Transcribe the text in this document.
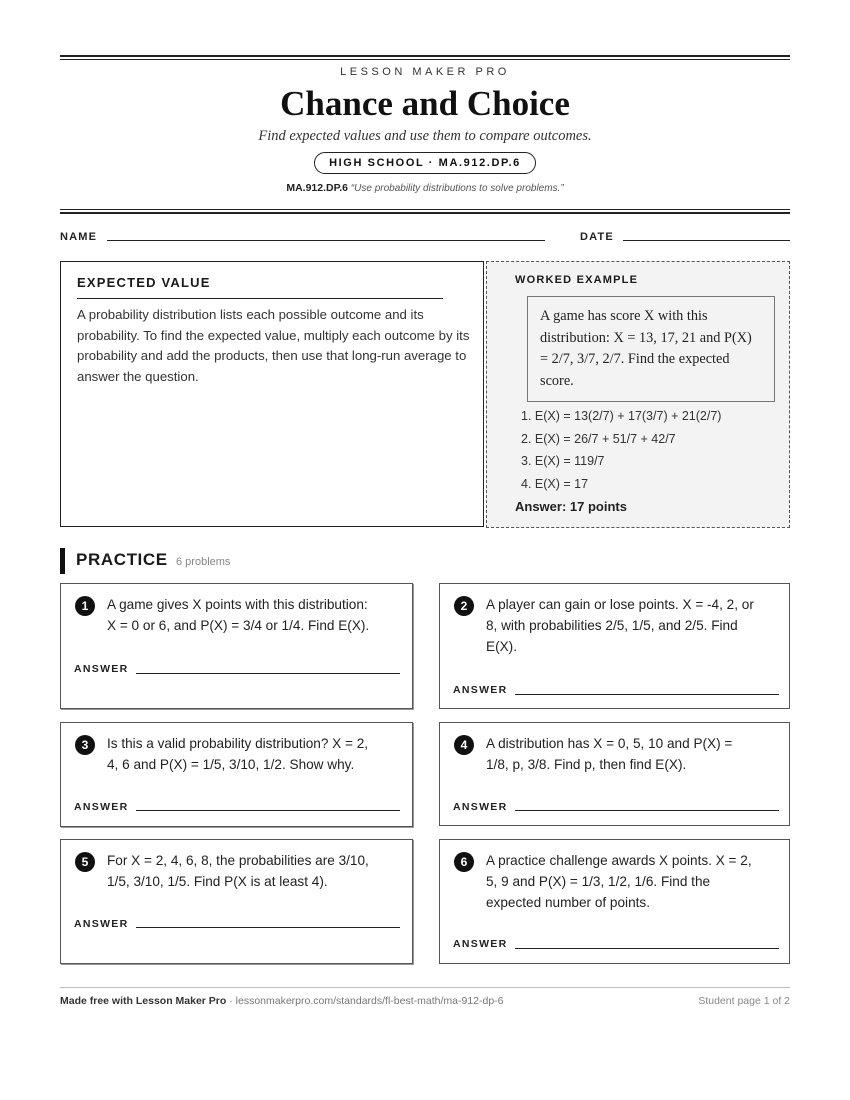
LESSON MAKER PRO
Chance and Choice
Find expected values and use them to compare outcomes.
HIGH SCHOOL · MA.912.DP.6
MA.912.DP.6 “Use probability distributions to solve problems.”
NAME	DATE
EXPECTED VALUE
A probability distribution lists each possible outcome and its probability. To find the expected value, multiply each outcome by its probability and add the products, then use that long-run average to answer the question.
WORKED EXAMPLE
A game has score X with this distribution: X = 13, 17, 21 and P(X) = 2/7, 3/7, 2/7. Find the expected score.
1. E(X) = 13(2/7) + 17(3/7) + 21(2/7)
2. E(X) = 26/7 + 51/7 + 42/7
3. E(X) = 119/7
4. E(X) = 17
Answer: 17 points
PRACTICE 6 problems
1	A game gives X points with this distribution:
X = 0 or 6, and P(X) = 3/4 or 1/4. Find E(X).
ANSWER
2	A player can gain or lose points. X = -4, 2, or
8, with probabilities 2/5, 1/5, and 2/5. Find
E(X).
ANSWER
3	Is this a valid probability distribution? X = 2,
4, 6 and P(X) = 1/5, 3/10, 1/2. Show why.
ANSWER
4	A distribution has X = 0, 5, 10 and P(X) =
1/8, p, 3/8. Find p, then find E(X).
ANSWER
5	For X = 2, 4, 6, 8, the probabilities are 3/10,
1/5, 3/10, 1/5. Find P(X is at least 4).
ANSWER
6	A practice challenge awards X points. X = 2,
5, 9 and P(X) = 1/3, 1/2, 1/6. Find the
expected number of points.
ANSWER
Made free with Lesson Maker Pro · lessonmakerpro.com/standards/fl-best-math/ma-912-dp-6	Student page 1 of 2
